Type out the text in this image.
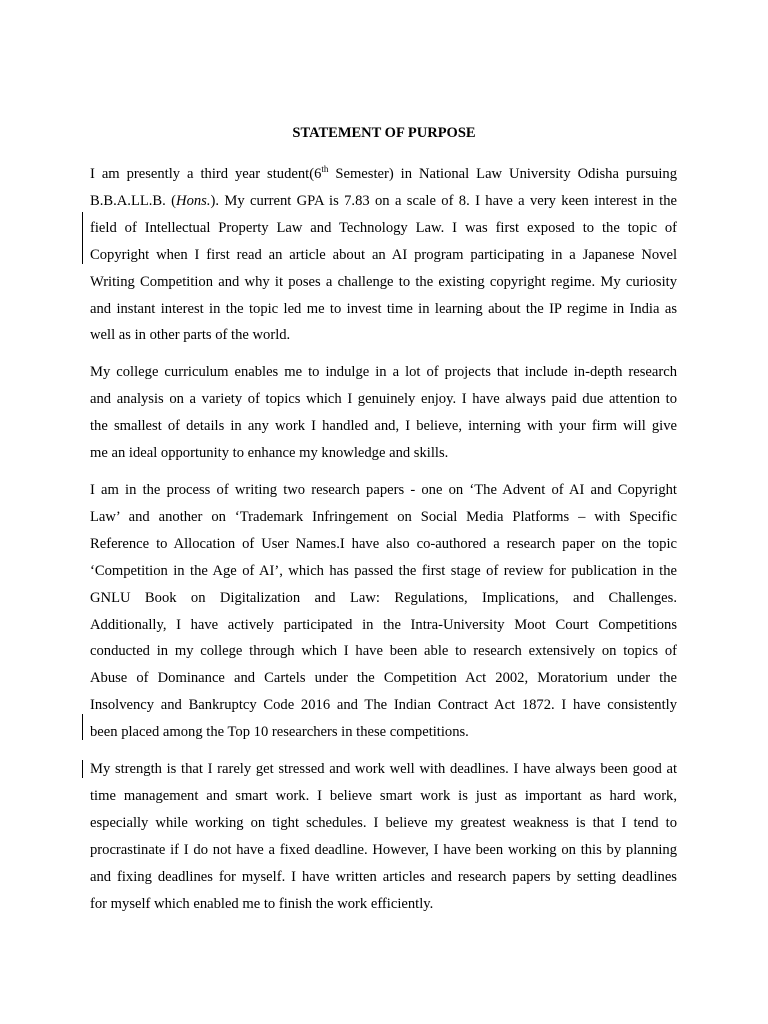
STATEMENT OF PURPOSE

I am presently a third year student(6th Semester) in National Law University Odisha pursuing
B.B.A.LL.B. (Hons.). My current GPA is 7.83 on a scale of 8. I have a very keen interest in the
field of Intellectual Property Law and Technology Law. I was first exposed to the topic of
Copyright when I first read an article about an AI program participating in a Japanese Novel
Writing Competition and why it poses a challenge to the existing copyright regime. My curiosity
and instant interest in the topic led me to invest time in learning about the IP regime in India as
well as in other parts of the world.

My college curriculum enables me to indulge in a lot of projects that include in-depth research
and analysis on a variety of topics which I genuinely enjoy. I have always paid due attention to
the smallest of details in any work I handled and, I believe, interning with your firm will give
me an ideal opportunity to enhance my knowledge and skills.

I am in the process of writing two research papers - one on ‘The Advent of AI and Copyright
Law’ and another on ‘Trademark Infringement on Social Media Platforms – with Specific
Reference to Allocation of User Names.I have also co-authored a research paper on the topic
‘Competition in the Age of AI’, which has passed the first stage of review for publication in the
GNLU Book on Digitalization and Law: Regulations, Implications, and Challenges.
Additionally, I have actively participated in the Intra-University Moot Court Competitions
conducted in my college through which I have been able to research extensively on topics of
Abuse of Dominance and Cartels under the Competition Act 2002, Moratorium under the
Insolvency and Bankruptcy Code 2016 and The Indian Contract Act 1872. I have consistently
been placed among the Top 10 researchers in these competitions.

My strength is that I rarely get stressed and work well with deadlines. I have always been good at
time management and smart work. I believe smart work is just as important as hard work,
especially while working on tight schedules. I believe my greatest weakness is that I tend to
procrastinate if I do not have a fixed deadline. However, I have been working on this by planning
and fixing deadlines for myself. I have written articles and research papers by setting deadlines
for myself which enabled me to finish the work efficiently.
